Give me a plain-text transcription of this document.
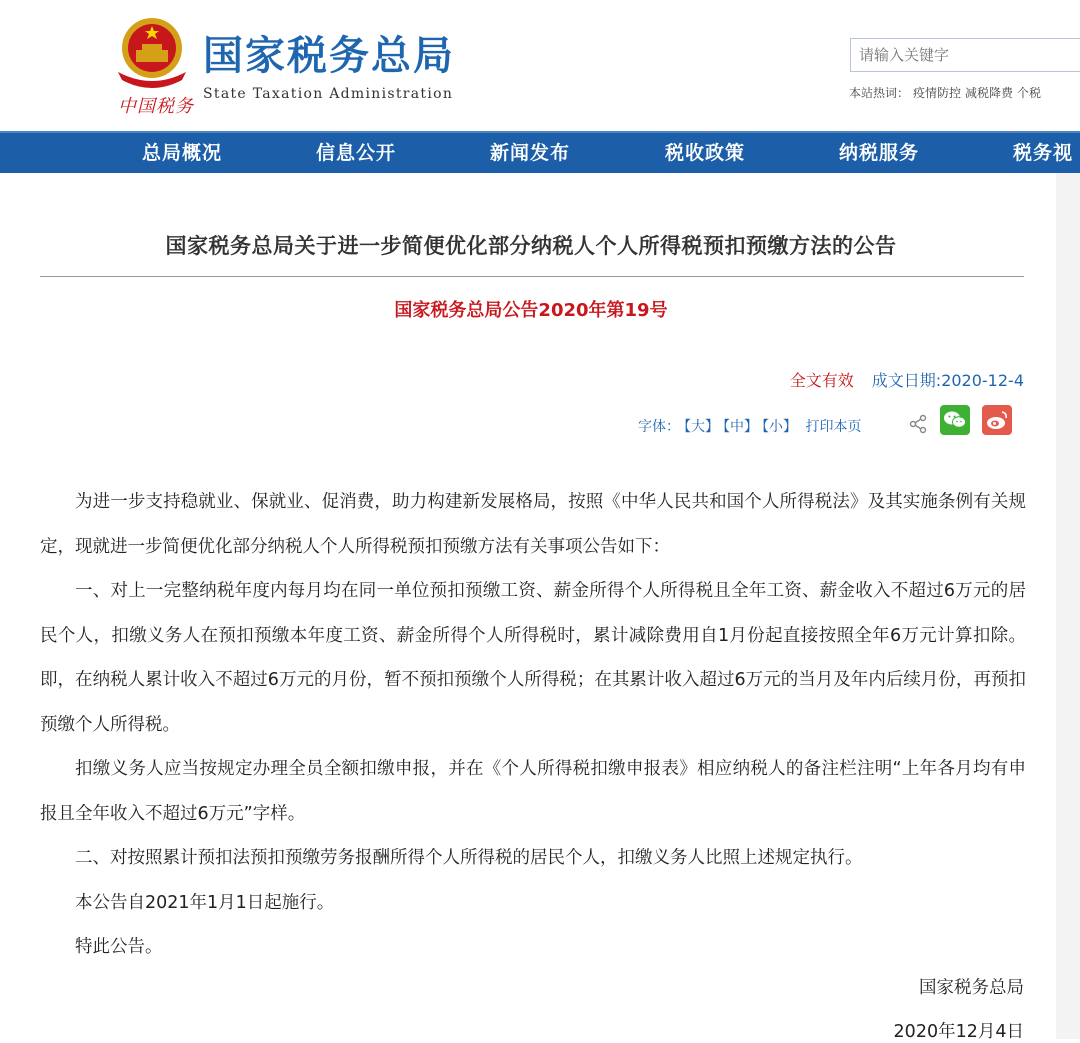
中国税务
国家税务总局
State Taxation Administration
请输入关键字	本站热词： 疫情防控 减税降费 个税
总局概况	信息公开	新闻发布	税收政策	纳税服务	税务视
国家税务总局关于进一步简便优化部分纳税人个人所得税预扣预缴方法的公告
国家税务总局公告2020年第19号
全文有效 成文日期:2020-12-4
字体： 【大】 【中】 【小】 打印本页

为进一步支持稳就业、保就业、促消费，助力构建新发展格局，按照《中华人民共和国个人所得税法》及其实施条例有关规定，现就进一步简便优化部分纳税人个人所得税预扣预缴方法有关事项公告如下：

一、对上一完整纳税年度内每月均在同一单位预扣预缴工资、薪金所得个人所得税且全年工资、薪金收入不超过6万元的居民个人，扣缴义务人在预扣预缴本年度工资、薪金所得个人所得税时，累计减除费用自1月份起直接按照全年6万元计算扣除。即，在纳税人累计收入不超过6万元的月份，暂不预扣预缴个人所得税；在其累计收入超过6万元的当月及年内后续月份，再预扣预缴个人所得税。

扣缴义务人应当按规定办理全员全额扣缴申报，并在《个人所得税扣缴申报表》相应纳税人的备注栏注明“上年各月均有申报且全年收入不超过6万元”字样。

二、对按照累计预扣法预扣预缴劳务报酬所得个人所得税的居民个人，扣缴义务人比照上述规定执行。

本公告自2021年1月1日起施行。

特此公告。

国家税务总局
2020年12月4日
